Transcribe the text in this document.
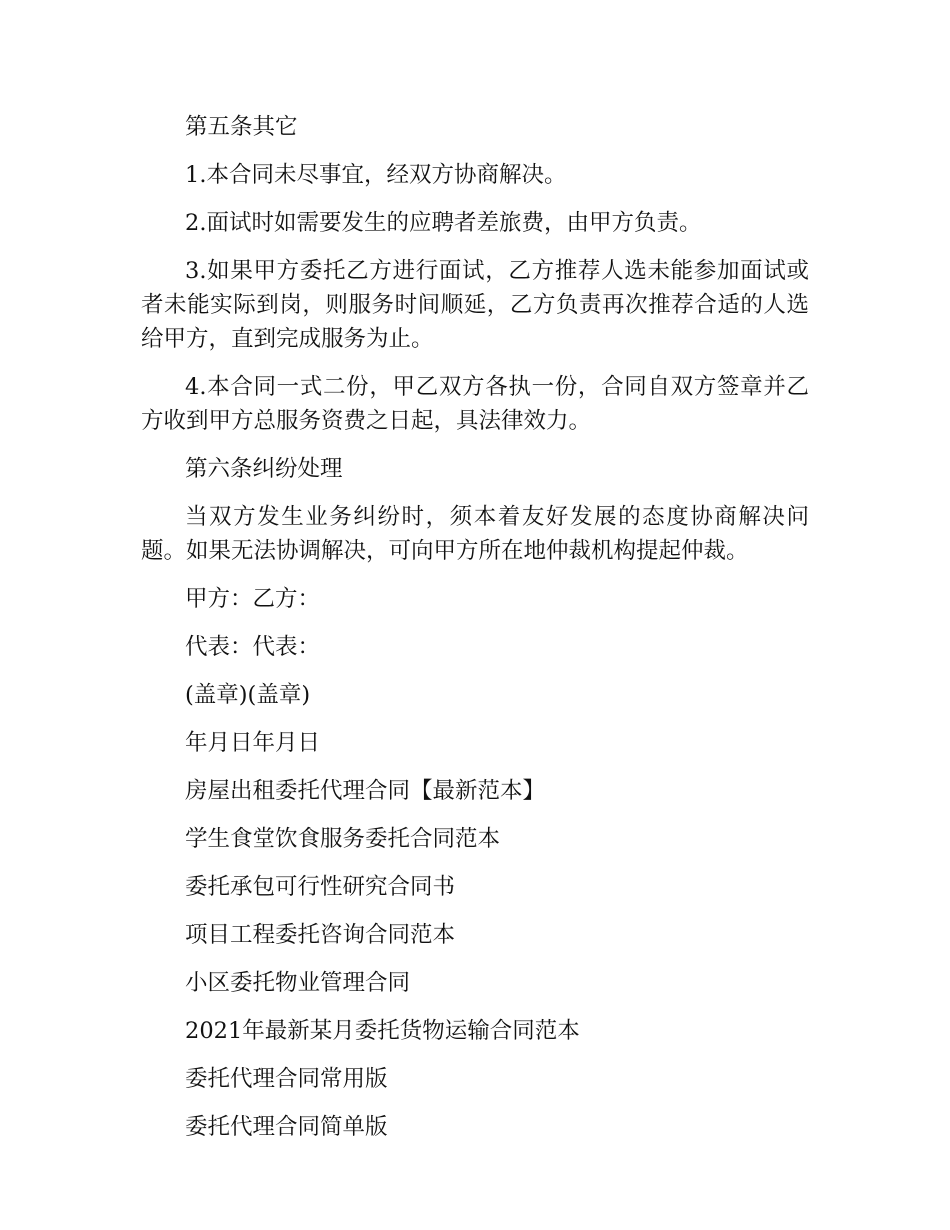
第五条其它

1.本合同未尽事宜，经双方协商解决。

2.面试时如需要发生的应聘者差旅费，由甲方负责。

3.如果甲方委托乙方进行面试，乙方推荐人选未能参加面试或者未能实际到岗，则服务时间顺延，乙方负责再次推荐合适的人选给甲方，直到完成服务为止。

4.本合同一式二份，甲乙双方各执一份，合同自双方签章并乙方收到甲方总服务资费之日起，具法律效力。

第六条纠纷处理

当双方发生业务纠纷时，须本着友好发展的态度协商解决问题。如果无法协调解决，可向甲方所在地仲裁机构提起仲裁。

甲方：乙方：

代表：代表：

(盖章)(盖章)

年月日年月日

房屋出租委托代理合同【最新范本】

学生食堂饮食服务委托合同范本

委托承包可行性研究合同书

项目工程委托咨询合同范本

小区委托物业管理合同

2021年最新某月委托货物运输合同范本

委托代理合同常用版

委托代理合同简单版
